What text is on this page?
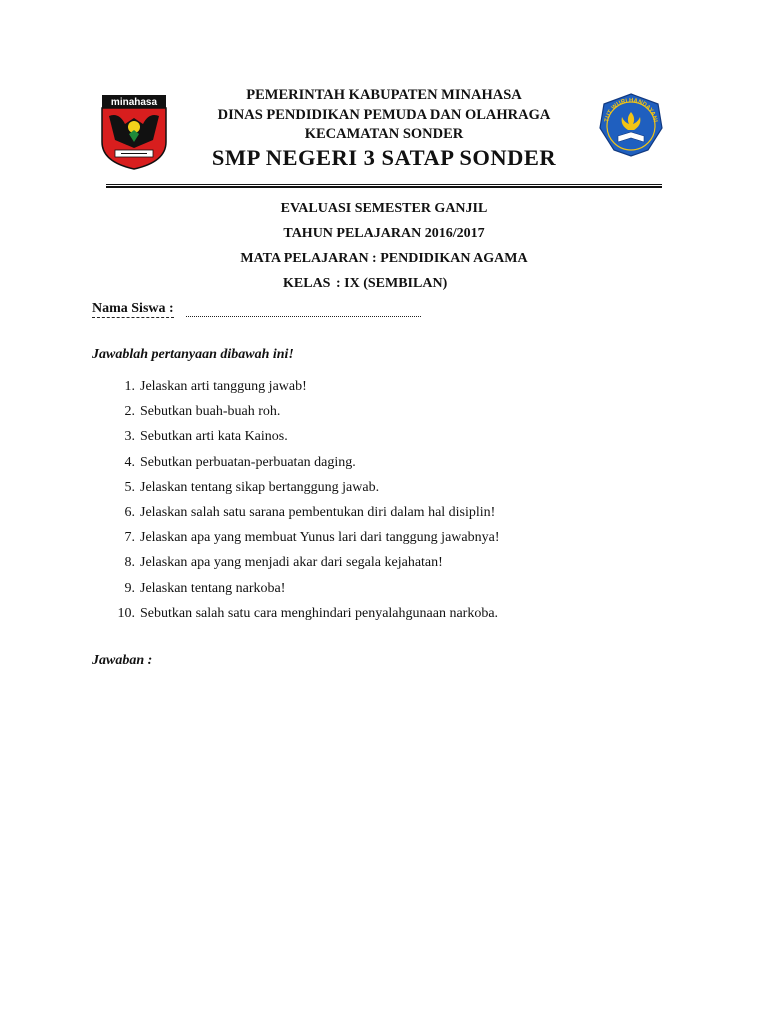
minahasa
TUT WURI HANDAYANI
PEMERINTAH KABUPATEN MINAHASA
DINAS PENDIDIKAN PEMUDA DAN OLAHRAGA
KECAMATAN SONDER
SMP NEGERI 3 SATAP SONDER
EVALUASI SEMESTER GANJIL
TAHUN PELAJARAN 2016/2017
MATA PELAJARAN : PENDIDIKAN AGAMA
KELAS : IX (SEMBILAN)
Nama Siswa :
Jawablah pertanyaan dibawah ini!
1. Jelaskan arti tanggung jawab!
2. Sebutkan buah-buah roh.
3. Sebutkan arti kata Kainos.
4. Sebutkan perbuatan-perbuatan daging.
5. Jelaskan tentang sikap bertanggung jawab.
6. Jelaskan salah satu sarana pembentukan diri dalam hal disiplin!
7. Jelaskan apa yang membuat Yunus lari dari tanggung jawabnya!
8. Jelaskan apa yang menjadi akar dari segala kejahatan!
9. Jelaskan tentang narkoba!
10. Sebutkan salah satu cara menghindari penyalahgunaan narkoba.
Jawaban :
